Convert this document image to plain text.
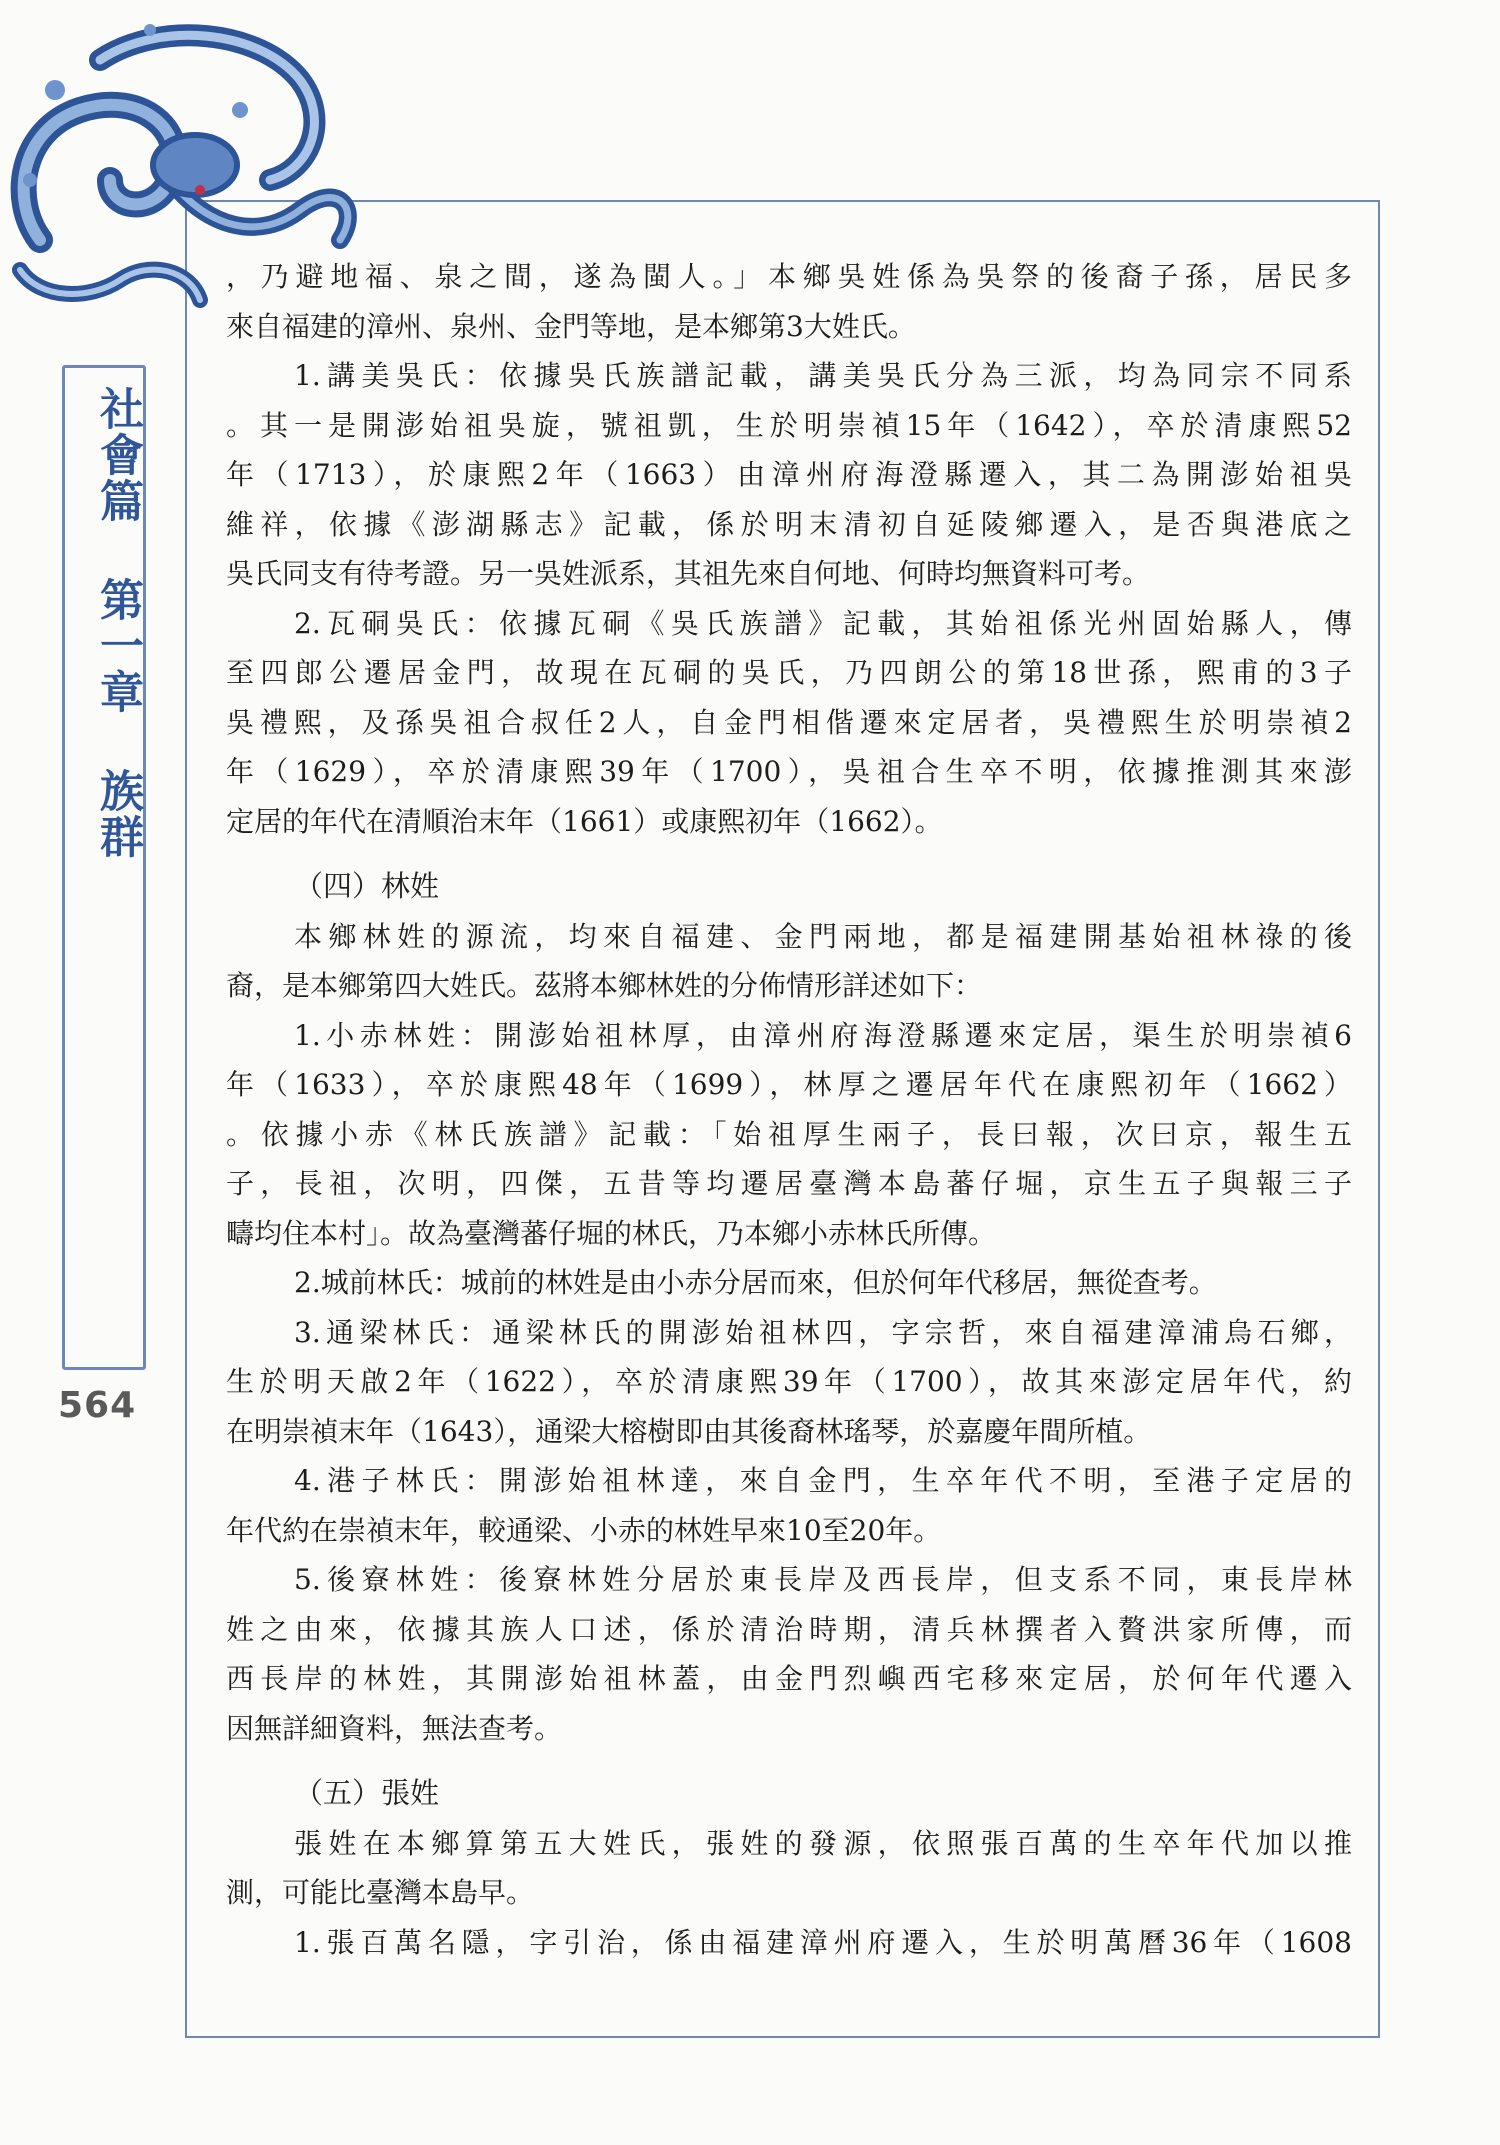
社會篇 第一章 族群
564
，乃避地福、泉之間，遂為閩人。」本鄉吳姓係為吳祭的後裔子孫，居民多
來自福建的漳州、泉州、金門等地，是本鄉第3大姓氏。
1.講美吳氏：依據吳氏族譜記載，講美吳氏分為三派，均為同宗不同系
。其一是開澎始祖吳旋，號祖凱，生於明崇禎15年（1642），卒於清康熙52
年（1713），於康熙2年（1663）由漳州府海澄縣遷入，其二為開澎始祖吳
維祥，依據《澎湖縣志》記載，係於明末清初自延陵鄉遷入，是否與港底之
吳氏同支有待考證。另一吳姓派系，其祖先來自何地、何時均無資料可考。
2.瓦硐吳氏：依據瓦硐《吳氏族譜》記載，其始祖係光州固始縣人，傳
至四郎公遷居金門，故現在瓦硐的吳氏，乃四朗公的第18世孫，熙甫的3子
吳禮熙，及孫吳祖合叔任2人，自金門相偕遷來定居者，吳禮熙生於明崇禎2
年（1629），卒於清康熙39年（1700），吳祖合生卒不明，依據推測其來澎
定居的年代在清順治末年（1661）或康熙初年（1662）。
（四）林姓
本鄉林姓的源流，均來自福建、金門兩地，都是福建開基始祖林祿的後
裔，是本鄉第四大姓氏。茲將本鄉林姓的分佈情形詳述如下：
1.小赤林姓：開澎始祖林厚，由漳州府海澄縣遷來定居，渠生於明崇禎6
年（1633），卒於康熙48年（1699），林厚之遷居年代在康熙初年（1662）
。依據小赤《林氏族譜》記載：「始祖厚生兩子，長曰報，次曰京，報生五
子，長祖，次明，四傑，五昔等均遷居臺灣本島蕃仔堀，京生五子與報三子
疇均住本村」。故為臺灣蕃仔堀的林氏，乃本鄉小赤林氏所傳。
2.城前林氏：城前的林姓是由小赤分居而來，但於何年代移居，無從查考。
3.通梁林氏：通梁林氏的開澎始祖林四，字宗哲，來自福建漳浦烏石鄉，
生於明天啟2年（1622），卒於清康熙39年（1700），故其來澎定居年代，約
在明崇禎末年（1643），通梁大榕樹即由其後裔林瑤琴，於嘉慶年間所植。
4.港子林氏：開澎始祖林達，來自金門，生卒年代不明，至港子定居的
年代約在崇禎末年，較通梁、小赤的林姓早來10至20年。
5.後寮林姓：後寮林姓分居於東長岸及西長岸，但支系不同，東長岸林
姓之由來，依據其族人口述，係於清治時期，清兵林撰者入贅洪家所傳，而
西長岸的林姓，其開澎始祖林蓋，由金門烈嶼西宅移來定居，於何年代遷入
因無詳細資料，無法查考。
（五）張姓
張姓在本鄉算第五大姓氏，張姓的發源，依照張百萬的生卒年代加以推
測，可能比臺灣本島早。
1.張百萬名隱，字引治，係由福建漳州府遷入，生於明萬曆36年（1608
